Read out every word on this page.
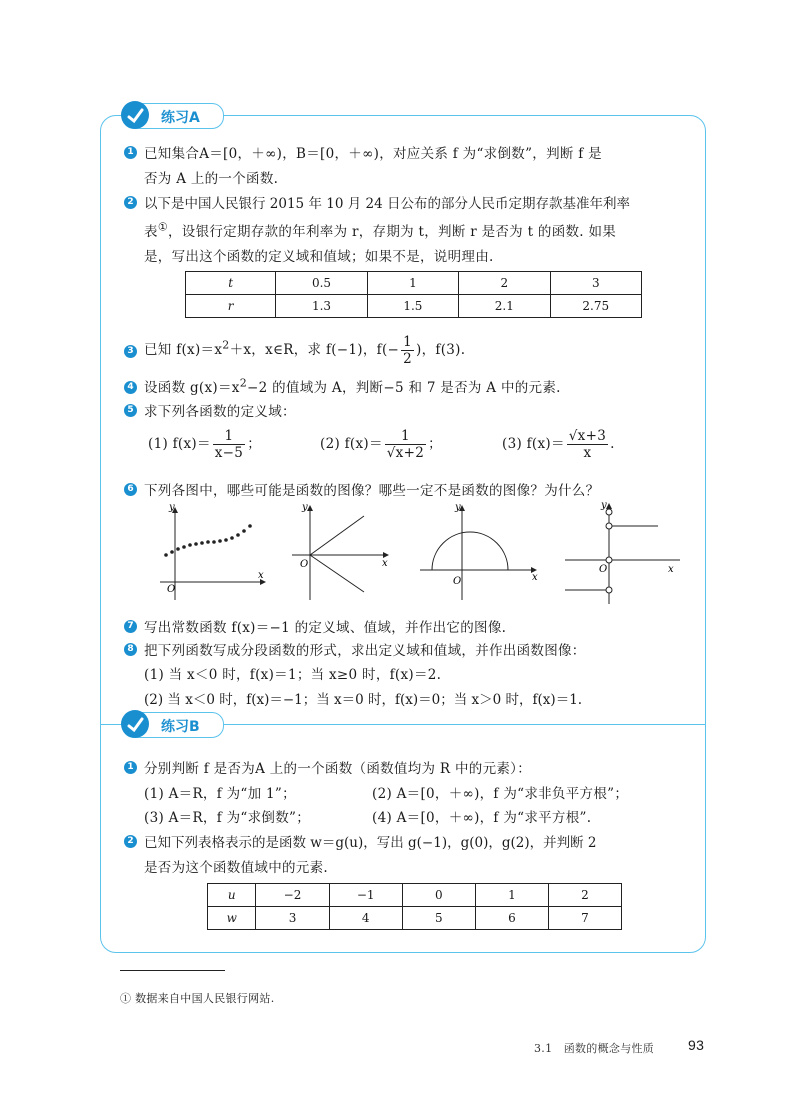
练习A
1 已知集合A＝[0，＋∞)，B＝[0，＋∞)，对应关系 f 为“求倒数”，判断 f 是
否为 A 上的一个函数.
2 以下是中国人民银行 2015 年 10 月 24 日公布的部分人民币定期存款基准年利率
表①，设银行定期存款的年利率为 r，存期为 t，判断 r 是否为 t 的函数. 如果
是，写出这个函数的定义域和值域；如果不是，说明理由.
t	0.5	1	2	3
r	1.3	1.5	2.1	2.75
3 已知 $f(x)=x^2+x$，x∈R，求 f(−1)，$f(- \frac{1}{2}$ )，f(3).
4 设函数 $g(x)=x^2-2$ 的值域为 A，判断−5 和 7 是否为 A 中的元素.
5 求下列各函数的定义域：
(1) $f(x)= \frac{1}{x-5}$ ；	(2) $f(x)= \frac{1}{√x+2}$ ；	(3) $f(x)= \frac{√x+3}{x}$ .
6 下列各图中，哪些可能是函数的图像？哪些一定不是函数的图像？为什么？
O
y
x
O
y
x
O
y
x
O
y
x
7 写出常数函数 f(x)＝−1 的定义域、值域，并作出它的图像.
8 把下列函数写成分段函数的形式，求出定义域和值域，并作出函数图像：
(1) 当 x＜0 时，f(x)＝1；当 x≥0 时，f(x)＝2.
(2) 当 x＜0 时，f(x)＝−1；当 x＝0 时，f(x)＝0；当 x＞0 时，f(x)＝1.
练习B
1 分别判断 f 是否为A 上的一个函数（函数值均为 R 中的元素）：
(1) A＝R，f 为“加 1”；	(2) A＝[0，＋∞)，f 为“求非负平方根”；
(3) A＝R，f 为“求倒数”；	(4) A＝[0，＋∞)，f 为“求平方根”.
2 已知下列表格表示的是函数 w＝g(u)，写出 g(−1)，g(0)，g(2)，并判断 2
是否为这个函数值域中的元素.
u	−2	−1	0	1	2
w	3	4	5	6	7
① 数据来自中国人民银行网站.
3.1　函数的概念与性质 93
